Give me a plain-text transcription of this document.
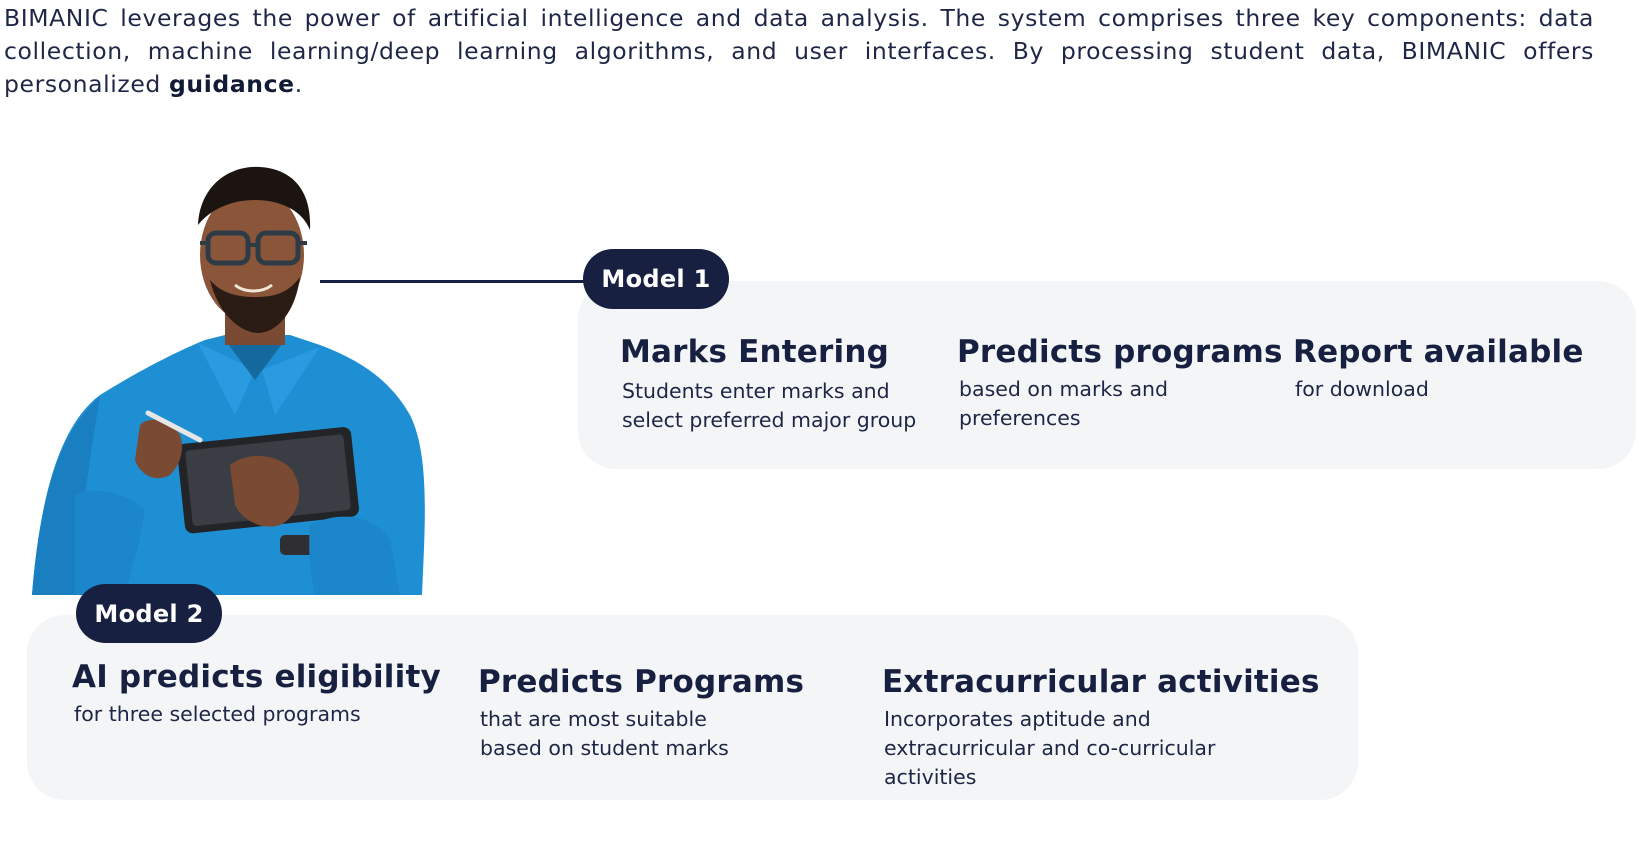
BIMANIC leverages the power of artificial intelligence and data analysis. The system comprises three key components: data collection, machine learning/deep learning algorithms, and user interfaces. By processing student data, BIMANIC offers personalized guidance.
Model 1
Marks Entering
Students enter marks and select preferred major group
Predicts programs
based on marks and preferences
Report available
for download
Model 2
AI predicts eligibility
for three selected programs
Predicts Programs
that are most suitable based on student marks
Extracurricular activities
Incorporates aptitude and extracurricular and co-curricular activities
